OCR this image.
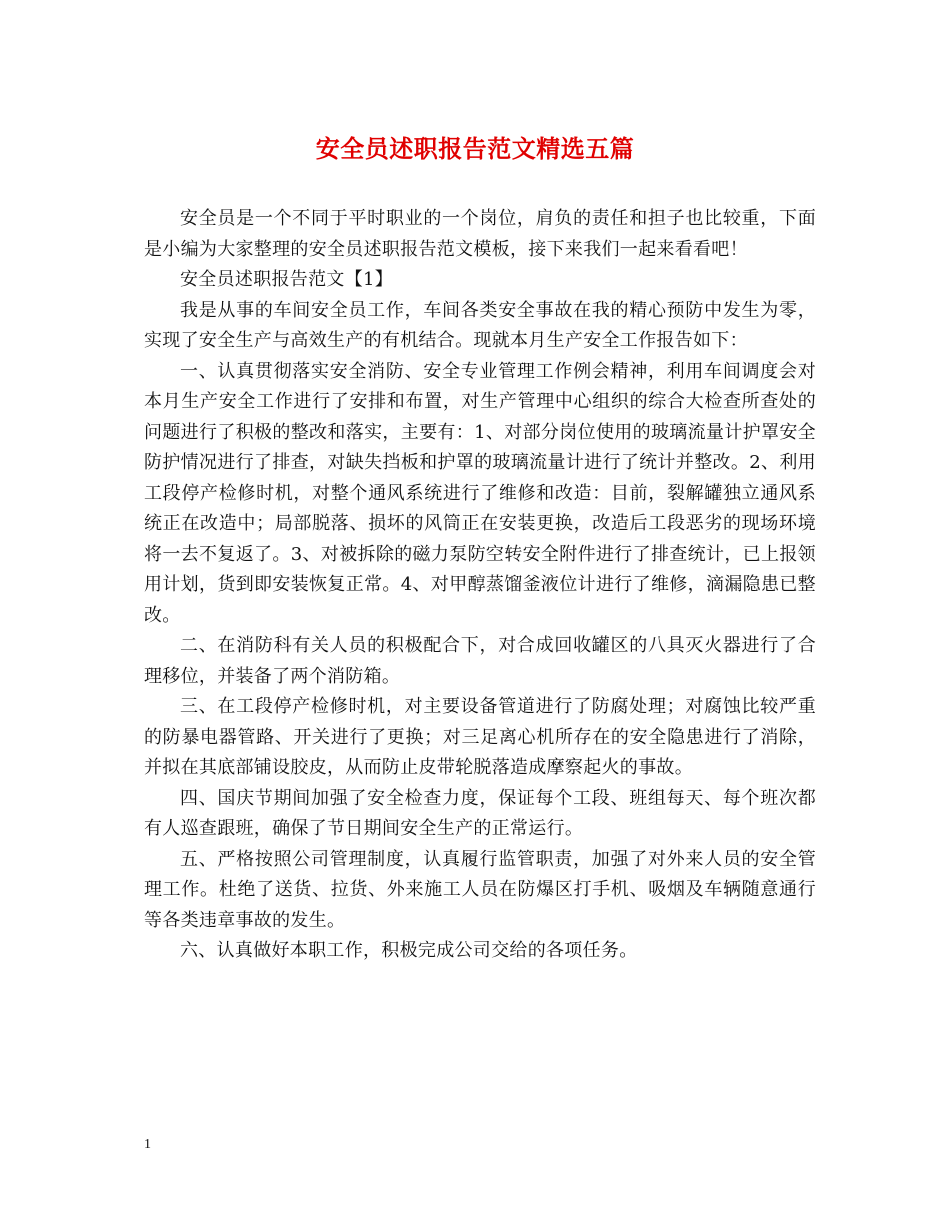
安全员述职报告范文精选五篇

安全员是一个不同于平时职业的一个岗位，肩负的责任和担子也比较重，下面是小编为大家整理的安全员述职报告范文模板，接下来我们一起来看看吧！

安全员述职报告范文【1】

我是从事的车间安全员工作，车间各类安全事故在我的精心预防中发生为零，实现了安全生产与高效生产的有机结合。现就本月生产安全工作报告如下：

一、认真贯彻落实安全消防、安全专业管理工作例会精神，利用车间调度会对本月生产安全工作进行了安排和布置，对生产管理中心组织的综合大检查所查处的问题进行了积极的整改和落实，主要有：1、对部分岗位使用的玻璃流量计护罩安全防护情况进行了排查，对缺失挡板和护罩的玻璃流量计进行了统计并整改。2、利用工段停产检修时机，对整个通风系统进行了维修和改造：目前，裂解罐独立通风系统正在改造中；局部脱落、损坏的风筒正在安装更换，改造后工段恶劣的现场环境将一去不复返了。3、对被拆除的磁力泵防空转安全附件进行了排查统计，已上报领用计划，货到即安装恢复正常。4、对甲醇蒸馏釜液位计进行了维修，滴漏隐患已整改。

二、在消防科有关人员的积极配合下，对合成回收罐区的八具灭火器进行了合理移位，并装备了两个消防箱。

三、在工段停产检修时机，对主要设备管道进行了防腐处理；对腐蚀比较严重的防暴电器管路、开关进行了更换；对三足离心机所存在的安全隐患进行了消除，并拟在其底部铺设胶皮，从而防止皮带轮脱落造成摩察起火的事故。

四、国庆节期间加强了安全检查力度，保证每个工段、班组每天、每个班次都有人巡查跟班，确保了节日期间安全生产的正常运行。

五、严格按照公司管理制度，认真履行监管职责，加强了对外来人员的安全管理工作。杜绝了送货、拉货、外来施工人员在防爆区打手机、吸烟及车辆随意通行等各类违章事故的发生。

六、认真做好本职工作，积极完成公司交给的各项任务。

1
